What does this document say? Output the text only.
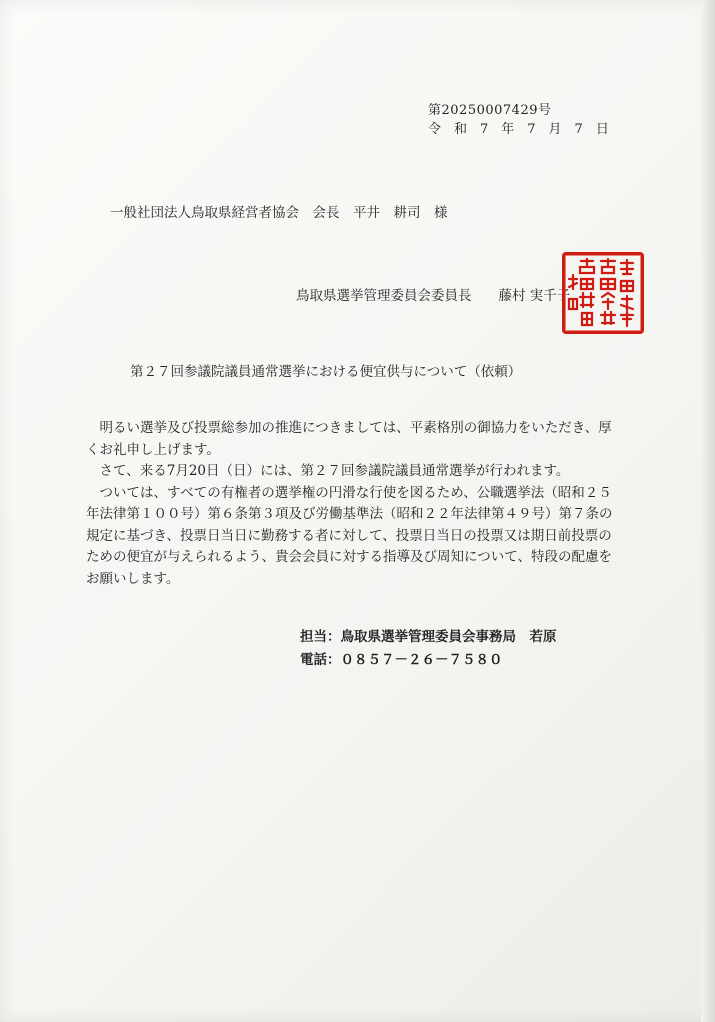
第20250007429号
令和7年7月7日
一般社団法人鳥取県経営者協会　会長　平井　耕司　様
鳥取県選挙管理委員会委員長　　藤村 実千子
第２７回参議院議員通常選挙における便宜供与について（依頼）

明るい選挙及び投票総参加の推進につきましては、平素格別の御協力をいただき、厚くお礼申し上げます。

さて、来る7月20日（日）には、第２７回参議院議員通常選挙が行われます。

ついては、すべての有権者の選挙権の円滑な行使を図るため、公職選挙法（昭和２５年法律第１００号）第６条第３項及び労働基準法（昭和２２年法律第４９号）第７条の規定に基づき、投票日当日に勤務する者に対して、投票日当日の投票又は期日前投票のための便宜が与えられるよう、貴会会員に対する指導及び周知について、特段の配慮をお願いします。

担当：鳥取県選挙管理委員会事務局　若原
電話：０８５７－２６－７５８０
